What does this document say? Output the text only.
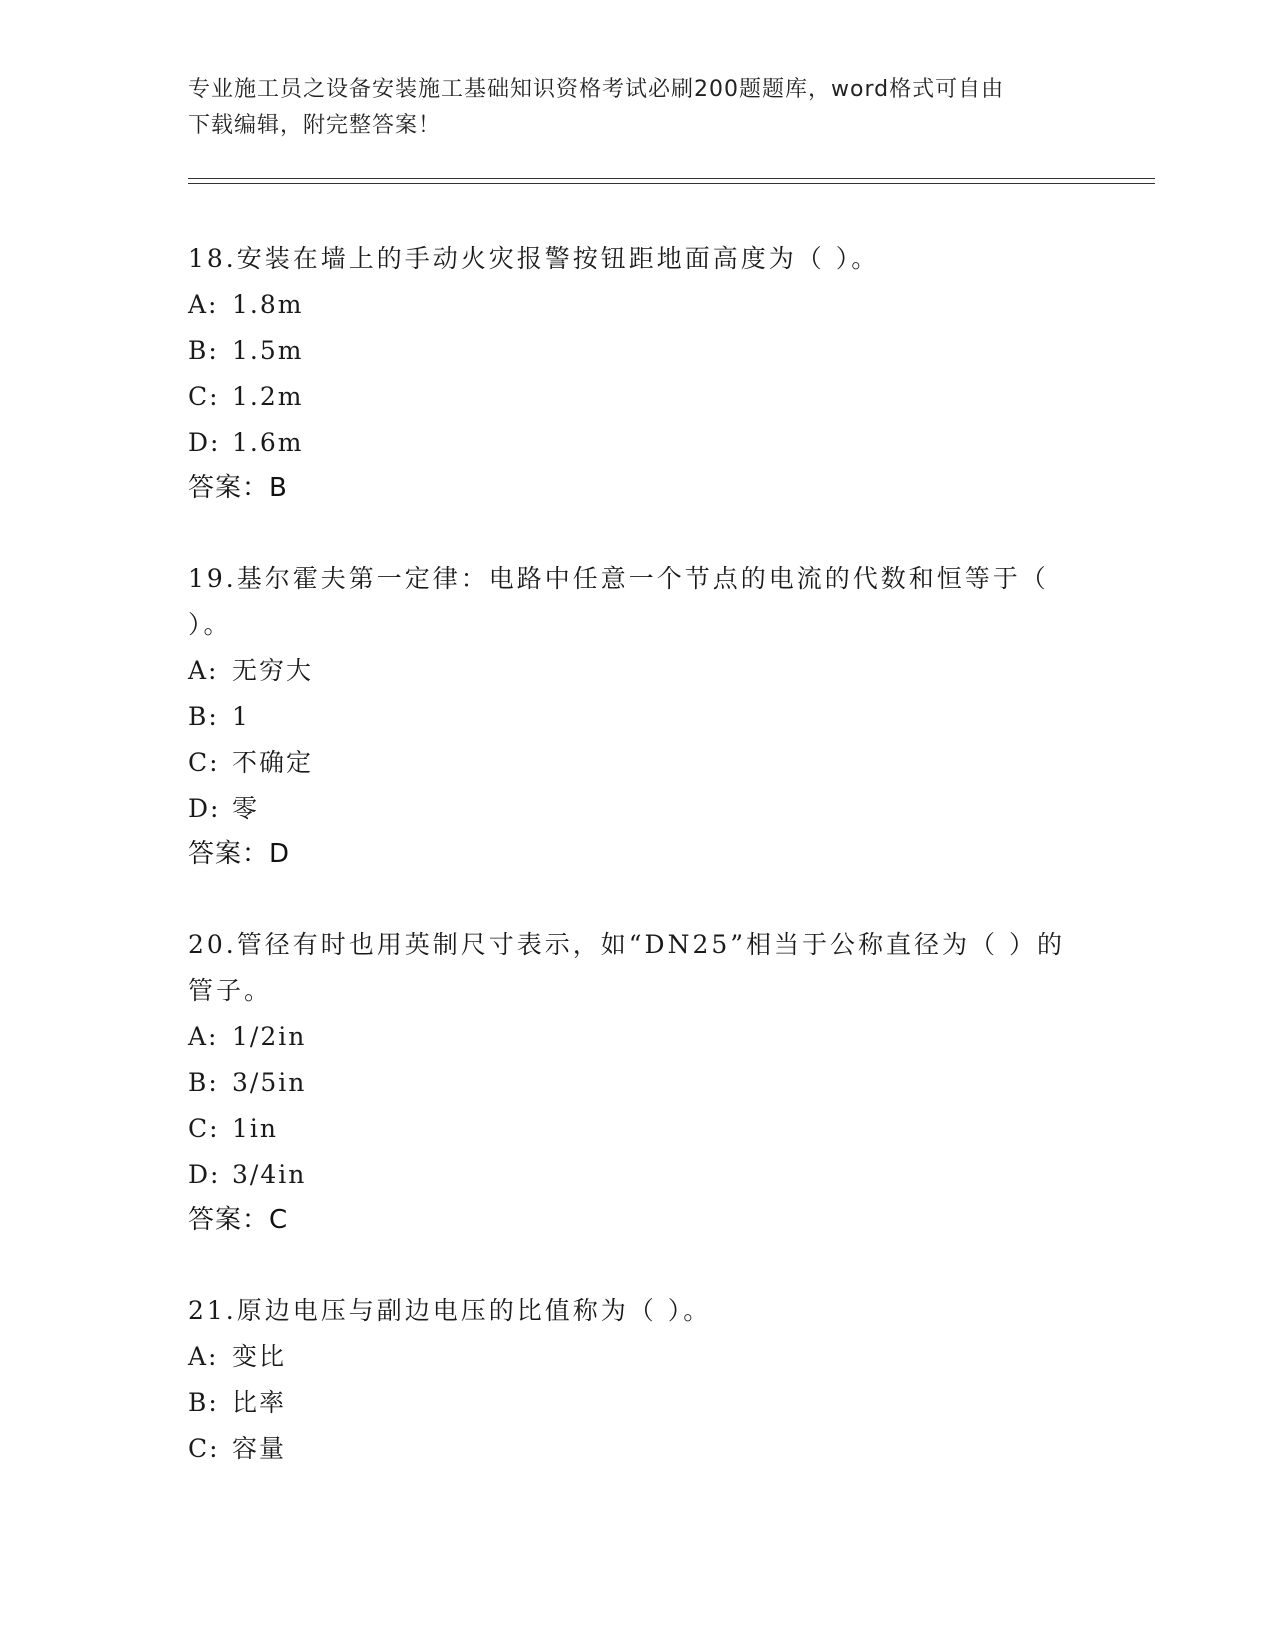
专业施工员之设备安装施工基础知识资格考试必刷200题题库，word格式可自由
下载编辑，附完整答案！

18.安装在墙上的手动火灾报警按钮距地面高度为（ ）。

A: 1.8m

B: 1.5m

C: 1.2m

D: 1.6m

答案：B

19.基尔霍夫第一定律：电路中任意一个节点的电流的代数和恒等于（ ）。

A: 无穷大

B: 1

C: 不确定

D: 零

答案：D

20.管径有时也用英制尺寸表示，如“DN25”相当于公称直径为（ ）的管子。

A: 1/2in

B: 3/5in

C: 1in

D: 3/4in

答案：C

21.原边电压与副边电压的比值称为（ ）。

A: 变比

B: 比率

C: 容量
